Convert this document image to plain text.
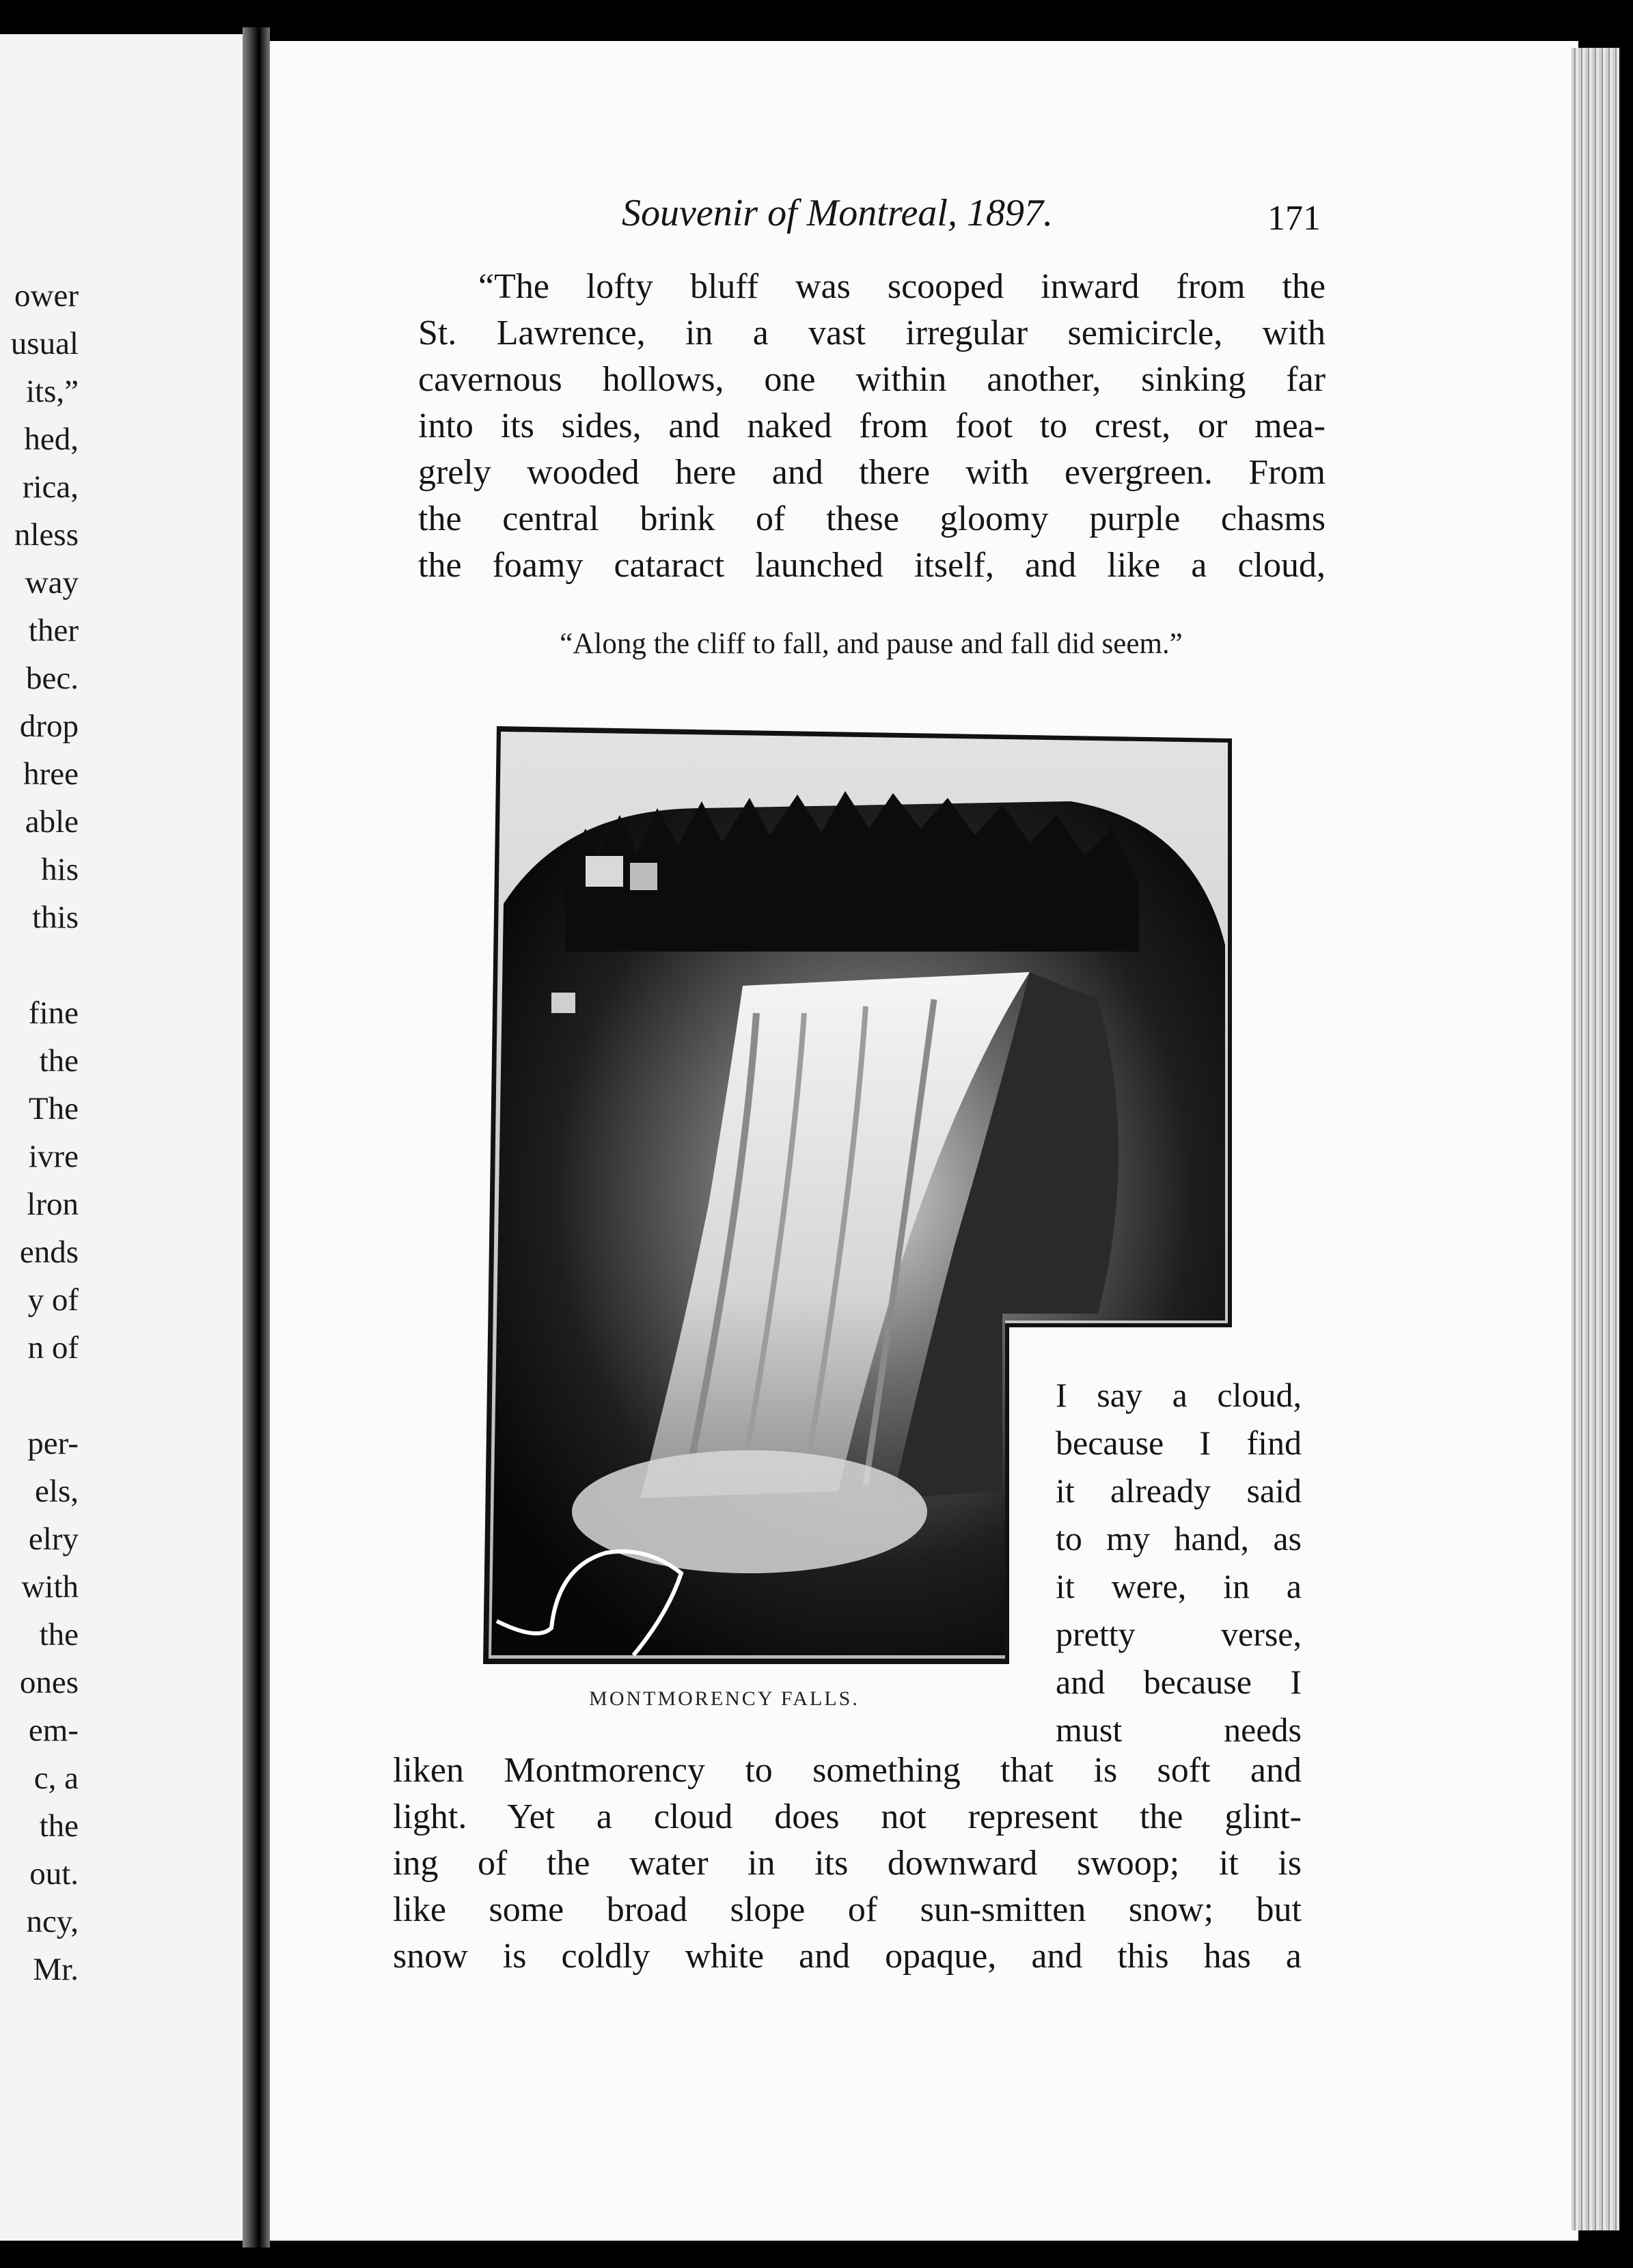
ower
usual
its,”
hed,
rica,
nless
way
ther
bec.
drop
hree
able
his
this
fine
the
The
ivre
lron
ends
y of
n of
per-
els,
elry
with
the
ones
em-
c, a
the
out.
ncy,
Mr.
Souvenir of Montreal, 1897.	171
“The lofty bluff was scooped inward from the
St. Lawrence, in a vast irregular semicircle, with
cavernous hollows, one within another, sinking far
into its sides, and naked from foot to crest, or mea-
grely wooded here and there with evergreen. From
the central brink of these gloomy purple chasms
the foamy cataract launched itself, and like a cloud,
“Along the cliff to fall, and pause and fall did seem.”
MONTMORENCY FALLS.
I say a cloud,
because I find
it already said
to my hand, as
it were, in a
pretty verse,
and because I
must needs
liken Montmorency to something that is soft and
light. Yet a cloud does not represent the glint-
ing of the water in its downward swoop; it is
like some broad slope of sun-smitten snow; but
snow is coldly white and opaque, and this has a
